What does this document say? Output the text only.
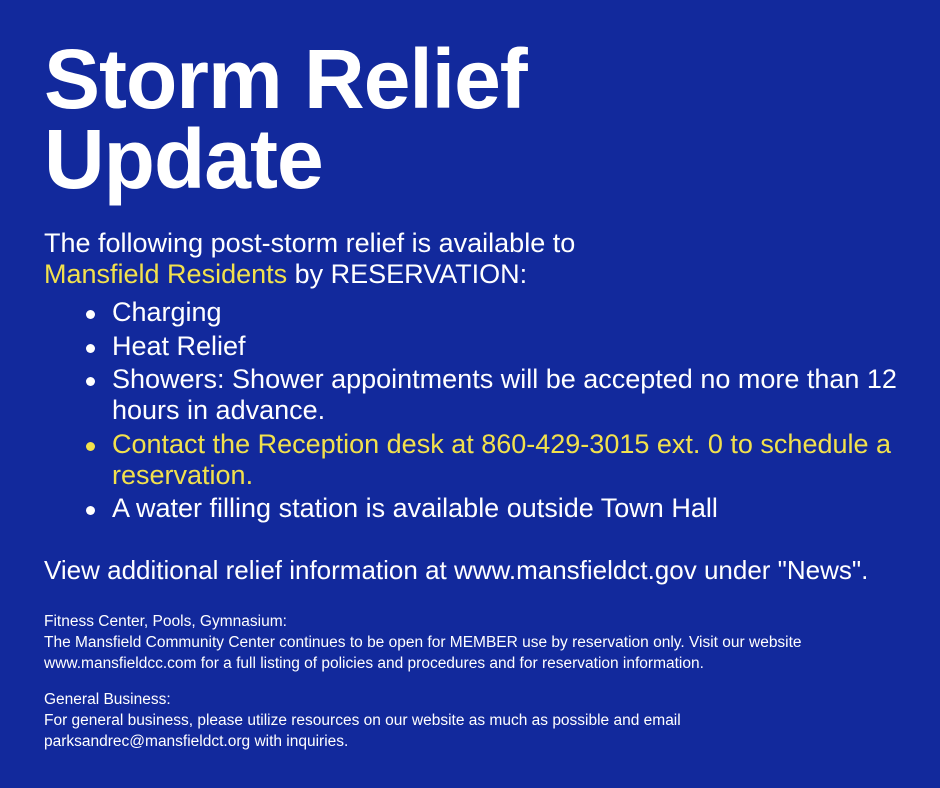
Storm Relief Update
The following post-storm relief is available to
Mansfield Residents by RESERVATION:
Charging
Heat Relief
Showers: Shower appointments will be accepted no more than 12 hours in advance.
Contact the Reception desk at 860-429-3015 ext. 0 to schedule a reservation.
A water filling station is available outside Town Hall
View additional relief information at www.mansfieldct.gov under "News".
Fitness Center, Pools, Gymnasium:
The Mansfield Community Center continues to be open for MEMBER use by reservation only. Visit our website
www.mansfieldcc.com for a full listing of policies and procedures and for reservation information.
General Business:
For general business, please utilize resources on our website as much as possible and email
parksandrec@mansfieldct.org with inquiries.
